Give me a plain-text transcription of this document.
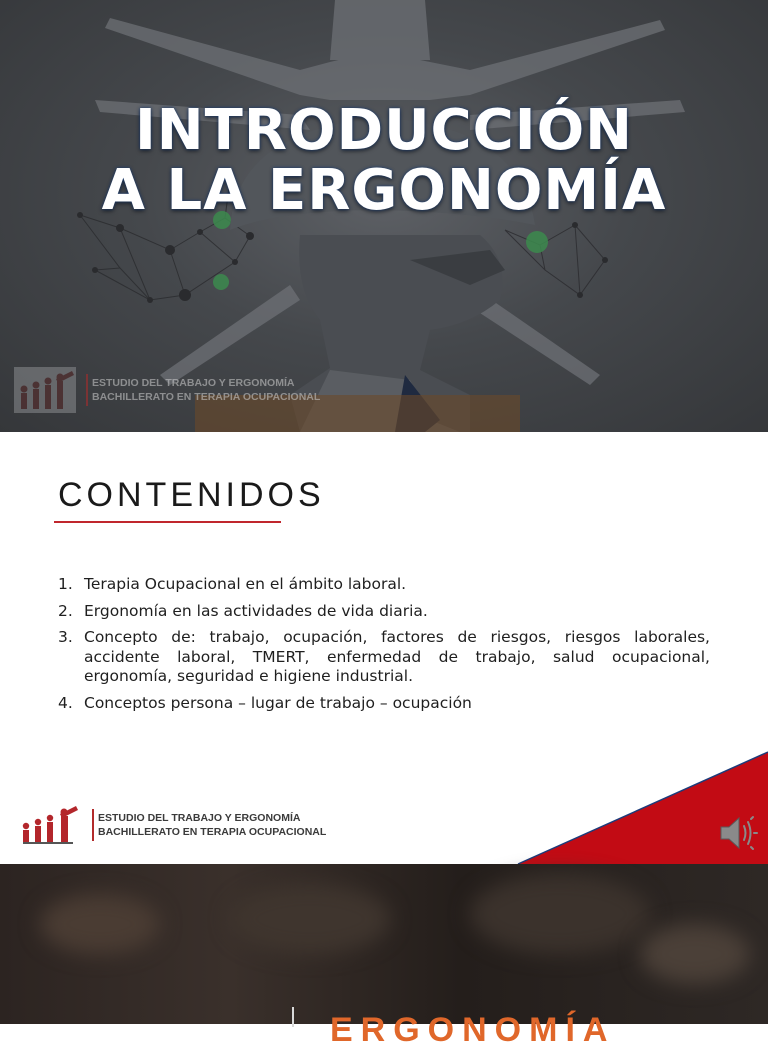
INTRODUCCIÓN
A LA ERGONOMÍA
ESTUDIO DEL TRABAJO Y ERGONOMÍA
BACHILLERATO EN TERAPIA OCUPACIONAL
CONTENIDOS
1. Terapia Ocupacional en el ámbito laboral.
2. Ergonomía en las actividades de vida diaria.
3. Concepto de: trabajo, ocupación, factores de riesgos, riesgos laborales, accidente laboral, TMERT, enfermedad de trabajo, salud ocupacional, ergonomía, seguridad e higiene industrial.
4. Conceptos persona – lugar de trabajo – ocupación
ESTUDIO DEL TRABAJO Y ERGONOMÍA
BACHILLERATO EN TERAPIA OCUPACIONAL
ERGONOMÍA
